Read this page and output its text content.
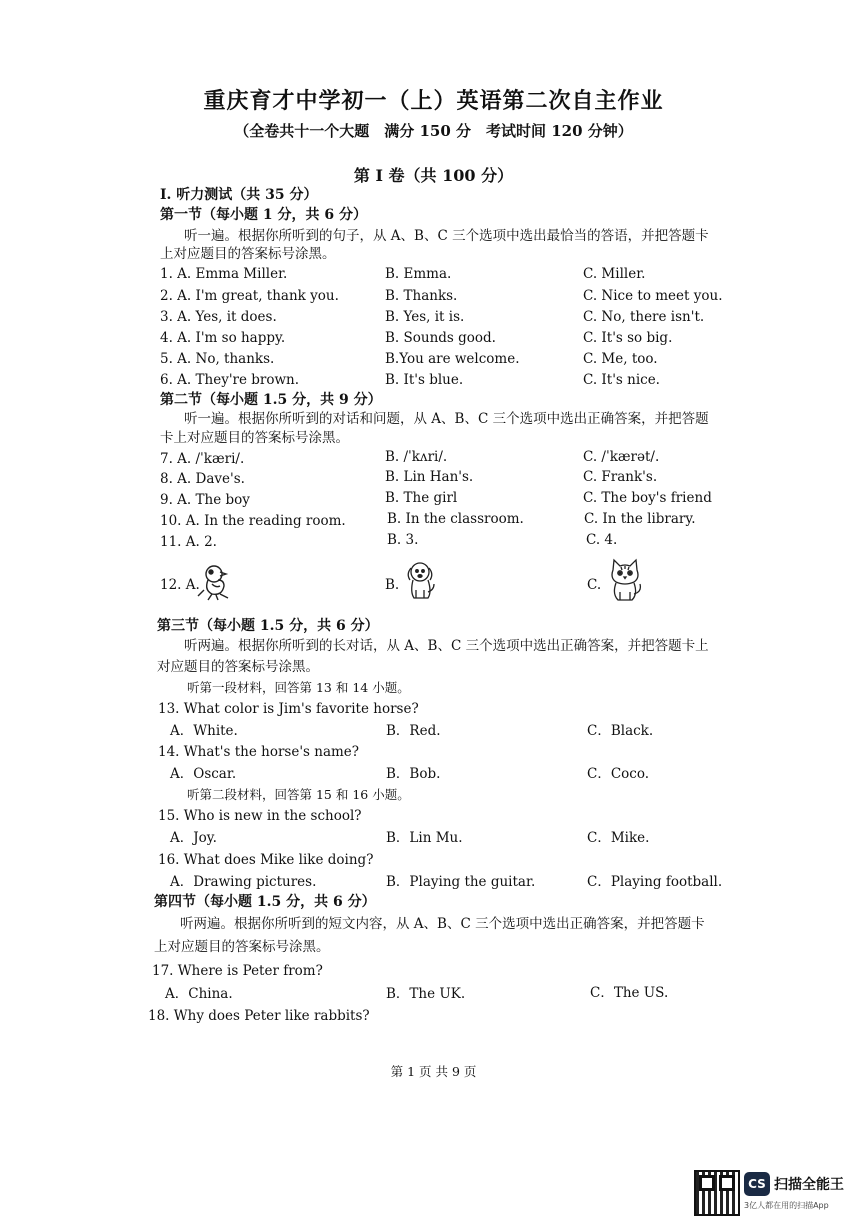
重庆育才中学初一（上）英语第二次自主作业
（全卷共十一个大题　满分 150 分　考试时间 120 分钟）
第 I 卷（共 100 分）
I. 听力测试（共 35 分）
第一节（每小题 1 分，共 6 分）
听一遍。根据你所听到的句子，从 A、B、C 三个选项中选出最恰当的答语，并把答题卡
上对应题目的答案标号涂黑。
1. A. Emma Miller.	B. Emma.	C. Miller.
2. A. I'm great, thank you.	B. Thanks.	C. Nice to meet you.
3. A. Yes, it does.	B. Yes, it is.	C. No, there isn't.
4. A. I'm so happy.	B. Sounds good.	C. It's so big.
5. A. No, thanks.	B.You are welcome.	C. Me, too.
6. A. They're brown.	B. It's blue.	C. It's nice.
第二节（每小题 1.5 分，共 9 分）
听一遍。根据你所听到的对话和问题，从 A、B、C 三个选项中选出正确答案，并把答题
卡上对应题目的答案标号涂黑。
7. A. /ˈkæri/.	B. /ˈkʌri/.	C. /ˈkærət/.
8. A. Dave's.	B. Lin Han's.	C. Frank's.
9. A. The boy	B. The girl	C. The boy's friend
10. A. In the reading room.	B. In the classroom.	C. In the library.
11. A. 2.	B. 3.	C. 4.
12. A.	B.	C.
第三节（每小题 1.5 分，共 6 分）
听两遍。根据你所听到的长对话，从 A、B、C 三个选项中选出正确答案，并把答题卡上
对应题目的答案标号涂黑。
听第一段材料，回答第 13 和 14 小题。
13. What color is Jim's favorite horse?
A．White.	B．Red.	C．Black.
14. What's the horse's name?
A．Oscar.	B．Bob.	C．Coco.
听第二段材料，回答第 15 和 16 小题。
15. Who is new in the school?
A．Joy.	B．Lin Mu.	C．Mike.
16. What does Mike like doing?
A．Drawing pictures.	B．Playing the guitar.	C．Playing football.
第四节（每小题 1.5 分，共 6 分）
听两遍。根据你所听到的短文内容，从 A、B、C 三个选项中选出正确答案，并把答题卡
上对应题目的答案标号涂黑。
17. Where is Peter from?
A．China.	B．The UK.	C．The US.
18. Why does Peter like rabbits?
第 1 页 共 9 页
CS 扫描全能王
3亿人都在用的扫描App
